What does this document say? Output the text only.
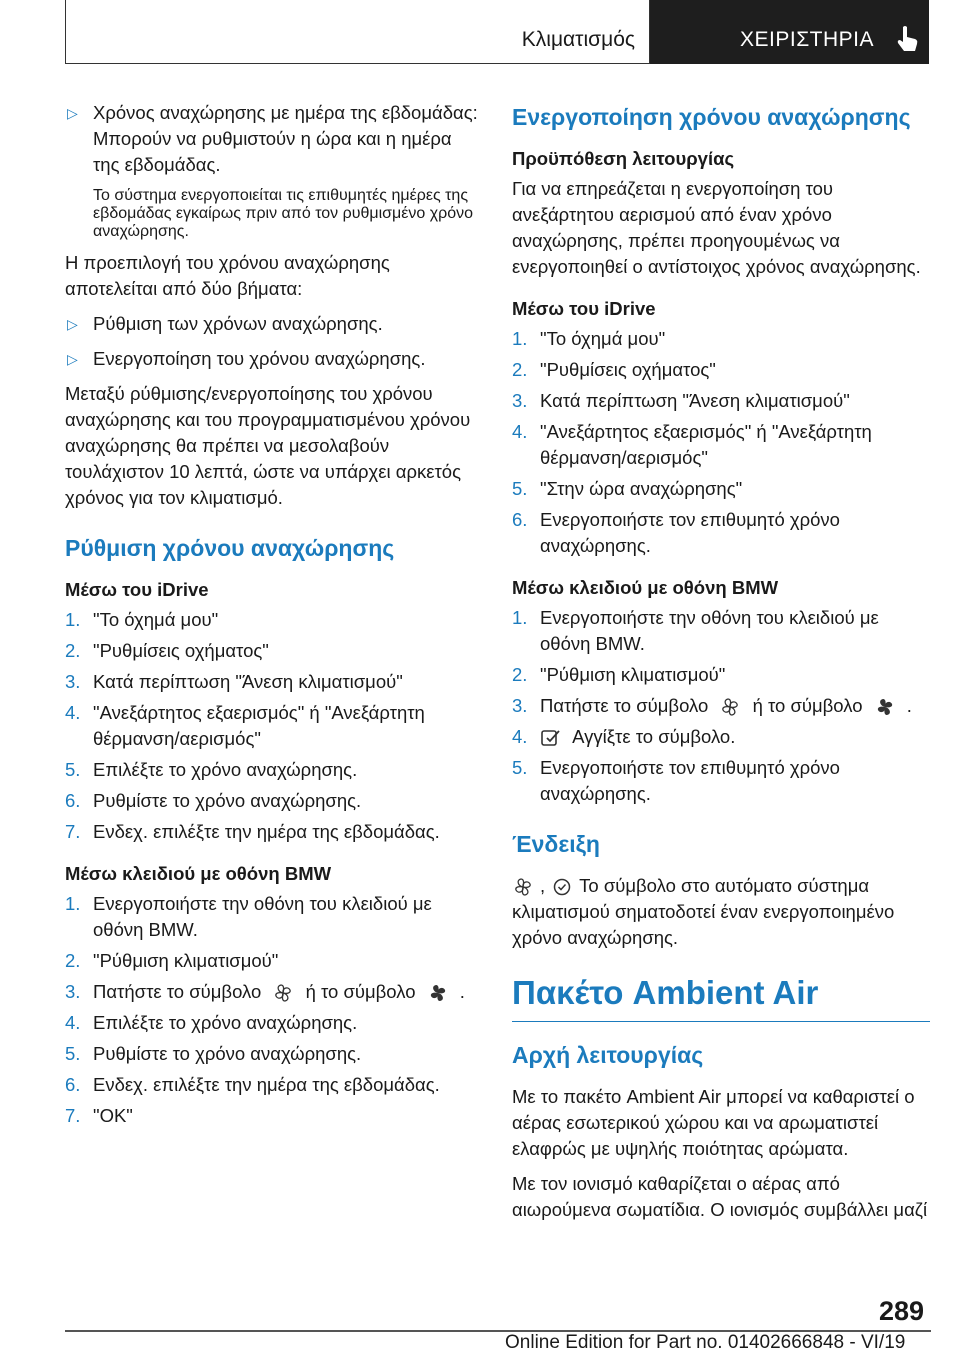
Κλιματισμός	ΧΕΙΡΙΣΤΗΡΙΑ
▷ Χρόνος αναχώρησης με ημέρα της εβδομάδας: Μπορούν να ρυθμιστούν η ώρα και η ημέρα της εβδομάδας.
Το σύστημα ενεργοποιείται τις επιθυμητές ημέρες της εβδομάδας εγκαίρως πριν από τον ρυθμισμένο χρόνο αναχώρησης.

Η προεπιλογή του χρόνου αναχώρησης αποτελείται από δύο βήματα:

▷ Ρύθμιση των χρόνων αναχώρησης.
▷ Ενεργοποίηση του χρόνου αναχώρησης.

Μεταξύ ρύθμισης/ενεργοποίησης του χρόνου αναχώρησης και του προγραμματισμένου χρόνου αναχώρησης θα πρέπει να μεσολαβούν τουλάχιστον 10 λεπτά, ώστε να υπάρχει αρκετός χρόνος για τον κλιματισμό.

Ρύθμιση χρόνου αναχώρησης
Μέσω του iDrive
1. "Το όχημά μου"
2. "Ρυθμίσεις οχήματος"
3. Κατά περίπτωση "Άνεση κλιματισμού"
4. "Ανεξάρτητος εξαερισμός" ή "Ανεξάρτητη θέρμανση/αερισμός"
5. Επιλέξτε το χρόνο αναχώρησης.
6. Ρυθμίστε το χρόνο αναχώρησης.
7. Ενδεχ. επιλέξτε την ημέρα της εβδομάδας.
Μέσω κλειδιού με οθόνη BMW
1. Ενεργοποιήστε την οθόνη του κλειδιού με οθόνη BMW.
2. "Ρύθμιση κλιματισμού"
3. Πατήστε το σύμβολο ή το σύμβολο .
4. Επιλέξτε το χρόνο αναχώρησης.
5. Ρυθμίστε το χρόνο αναχώρησης.
6. Ενδεχ. επιλέξτε την ημέρα της εβδομάδας.
7. "OK"
Ενεργοποίηση χρόνου αναχώρησης
Προϋπόθεση λειτουργίας

Για να επηρεάζεται η ενεργοποίηση του ανεξάρτητου αερισμού από έναν χρόνο αναχώρησης, πρέπει προηγουμένως να ενεργοποιηθεί ο αντίστοιχος χρόνος αναχώρησης.

Μέσω του iDrive
1. "Το όχημά μου"
2. "Ρυθμίσεις οχήματος"
3. Κατά περίπτωση "Άνεση κλιματισμού"
4. "Ανεξάρτητος εξαερισμός" ή "Ανεξάρτητη θέρμανση/αερισμός"
5. "Στην ώρα αναχώρησης"
6. Ενεργοποιήστε τον επιθυμητό χρόνο αναχώρησης.
Μέσω κλειδιού με οθόνη BMW
1. Ενεργοποιήστε την οθόνη του κλειδιού με οθόνη BMW.
2. "Ρύθμιση κλιματισμού"
3. Πατήστε το σύμβολο ή το σύμβολο .
4. Αγγίξτε το σύμβολο.
5. Ενεργοποιήστε τον επιθυμητό χρόνο αναχώρησης.
Ένδειξη

, Το σύμβολο στο αυτόματο σύστημα κλιματισμού σηματοδοτεί έναν ενεργοποιημένο χρόνο αναχώρησης.

Πακέτο Ambient Air
Αρχή λειτουργίας

Με το πακέτο Ambient Air μπορεί να καθαριστεί ο αέρας εσωτερικού χώρου και να αρωματιστεί ελαφρώς με υψηλής ποιότητας αρώματα.

Με τον ιονισμό καθαρίζεται ο αέρας από αιωρούμενα σωματίδια. Ο ιονισμός συμβάλλει μαζί

289
Online Edition for Part no. 01402666848 - VI/19
